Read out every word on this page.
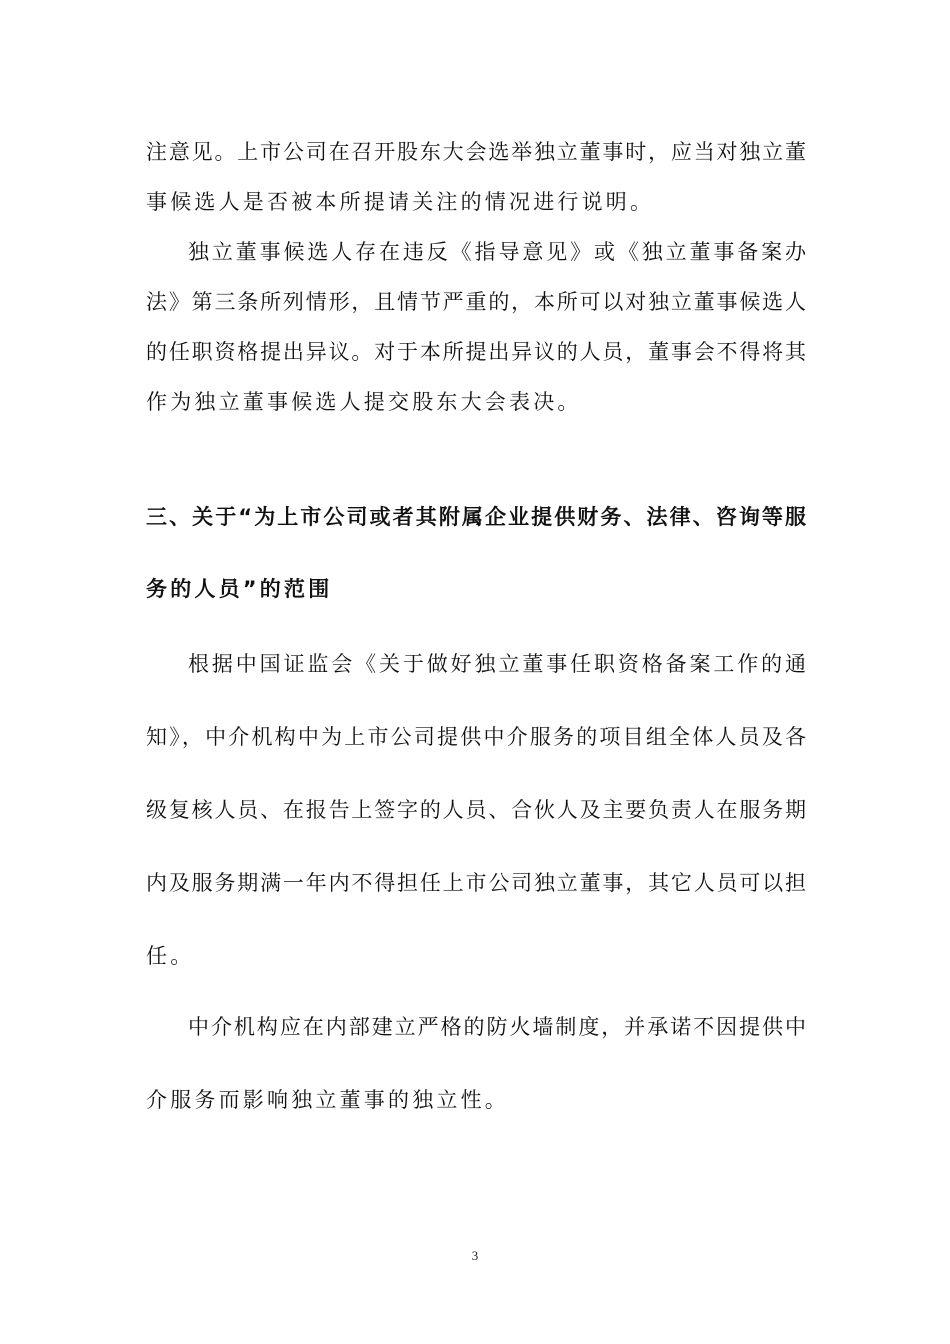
注意见。上市公司在召开股东大会选举独立董事时，应当对独立董
事候选人是否被本所提请关注的情况进行说明。
独立董事候选人存在违反《指导意见》或《独立董事备案办
法》第三条所列情形，且情节严重的，本所可以对独立董事候选人
的任职资格提出异议。对于本所提出异议的人员，董事会不得将其
作为独立董事候选人提交股东大会表决。
三、关于“为上市公司或者其附属企业提供财务、法律、咨询等服
务的人员”的范围
根据中国证监会《关于做好独立董事任职资格备案工作的通
知》，中介机构中为上市公司提供中介服务的项目组全体人员及各
级复核人员、在报告上签字的人员、合伙人及主要负责人在服务期
内及服务期满一年内不得担任上市公司独立董事，其它人员可以担
任。
中介机构应在内部建立严格的防火墙制度，并承诺不因提供中
介服务而影响独立董事的独立性。
3
